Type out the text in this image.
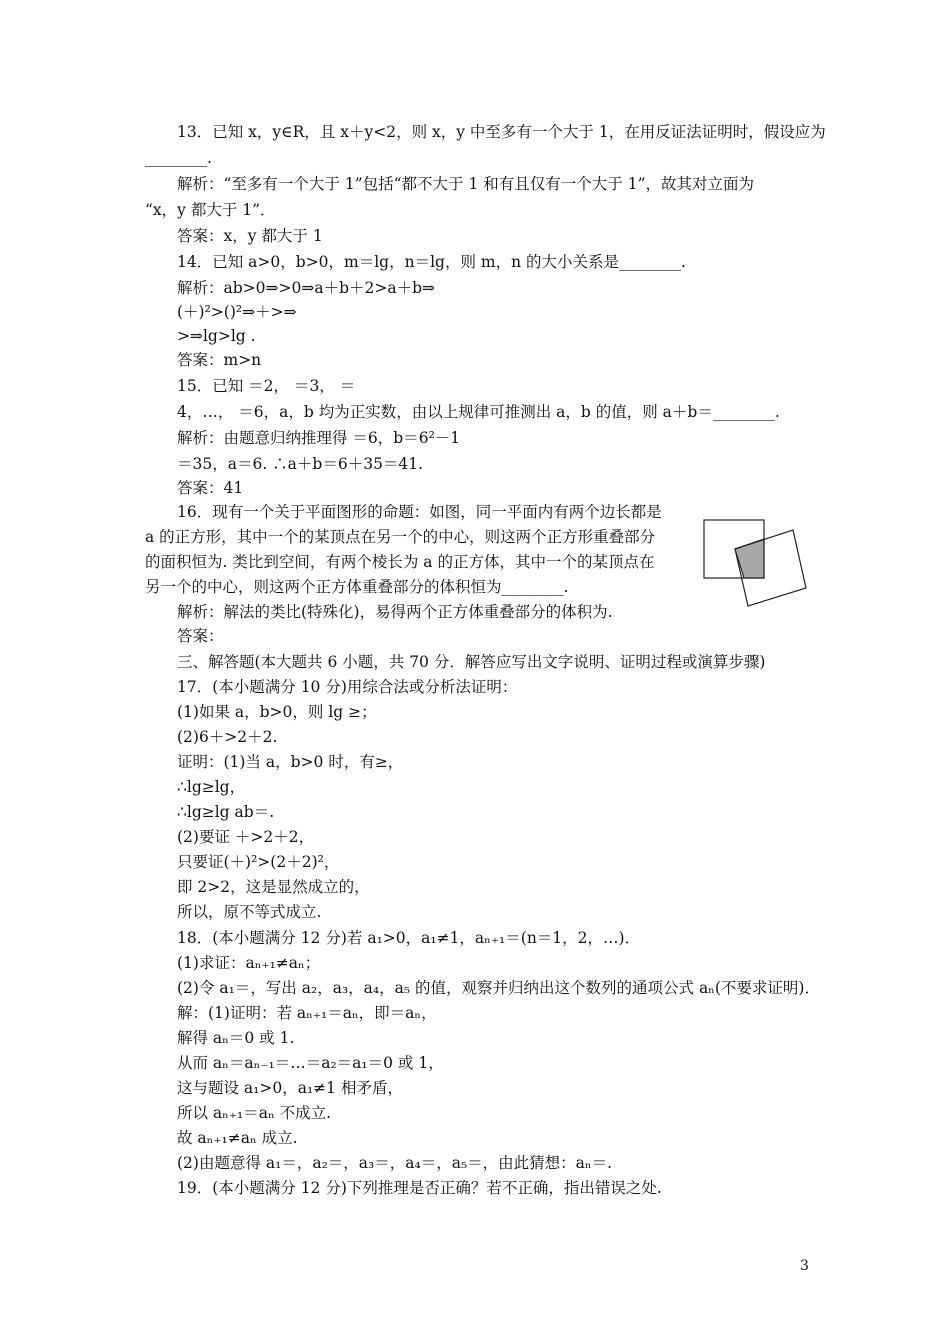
13．已知 x，y∈R，且 x＋y<2，则 x，y 中至多有一个大于 1，在用反证法证明时，假设应为
________.
解析：“至多有一个大于 1”包括“都不大于 1 和有且仅有一个大于 1”，故其对立面为
“x，y 都大于 1”．
答案：x，y 都大于 1
14．已知 a>0，b>0，m＝lg，n＝lg，则 m，n 的大小关系是________.
解析：ab>0⇒>0⇒a＋b＋2>a＋b⇒
(＋)²>()²⇒＋>⇒
>⇒lg>lg .
答案：m>n
15．已知 ＝2， ＝3， ＝
4，…， ＝6，a，b 均为正实数，由以上规律可推测出 a，b 的值，则 a＋b＝________.
解析：由题意归纳推理得 ＝6，b＝6²－1
＝35，a＝6. ∴a＋b＝6＋35＝41.
答案：41
16．现有一个关于平面图形的命题：如图，同一平面内有两个边长都是
a 的正方形，其中一个的某顶点在另一个的中心，则这两个正方形重叠部分
的面积恒为. 类比到空间，有两个棱长为 a 的正方体，其中一个的某顶点在
另一个的中心，则这两个正方体重叠部分的体积恒为________.
解析：解法的类比(特殊化)，易得两个正方体重叠部分的体积为.
答案：
三、解答题(本大题共 6 小题，共 70 分．解答应写出文字说明、证明过程或演算步骤)
17．(本小题满分 10 分)用综合法或分析法证明：
(1)如果 a，b>0，则 lg ≥；
(2)6＋>2＋2.
证明：(1)当 a，b>0 时，有≥，
∴lg≥lg，
∴lg≥lg ab＝.
(2)要证 ＋>2＋2，
只要证(＋)²>(2＋2)²，
即 2>2，这是显然成立的，
所以，原不等式成立.
18．(本小题满分 12 分)若 a₁>0，a₁≠1，aₙ₊₁＝(n＝1，2，…)．
(1)求证：aₙ₊₁≠aₙ；
(2)令 a₁＝，写出 a₂，a₃，a₄，a₅ 的值，观察并归纳出这个数列的通项公式 aₙ(不要求证明)．
解：(1)证明：若 aₙ₊₁＝aₙ，即＝aₙ，
解得 aₙ＝0 或 1.
从而 aₙ＝aₙ₋₁＝…＝a₂＝a₁＝0 或 1，
这与题设 a₁>0，a₁≠1 相矛盾，
所以 aₙ₊₁＝aₙ 不成立.
故 aₙ₊₁≠aₙ 成立.
(2)由题意得 a₁＝，a₂＝，a₃＝，a₄＝，a₅＝，由此猜想：aₙ＝.
19．(本小题满分 12 分)下列推理是否正确？若不正确，指出错误之处.
3
